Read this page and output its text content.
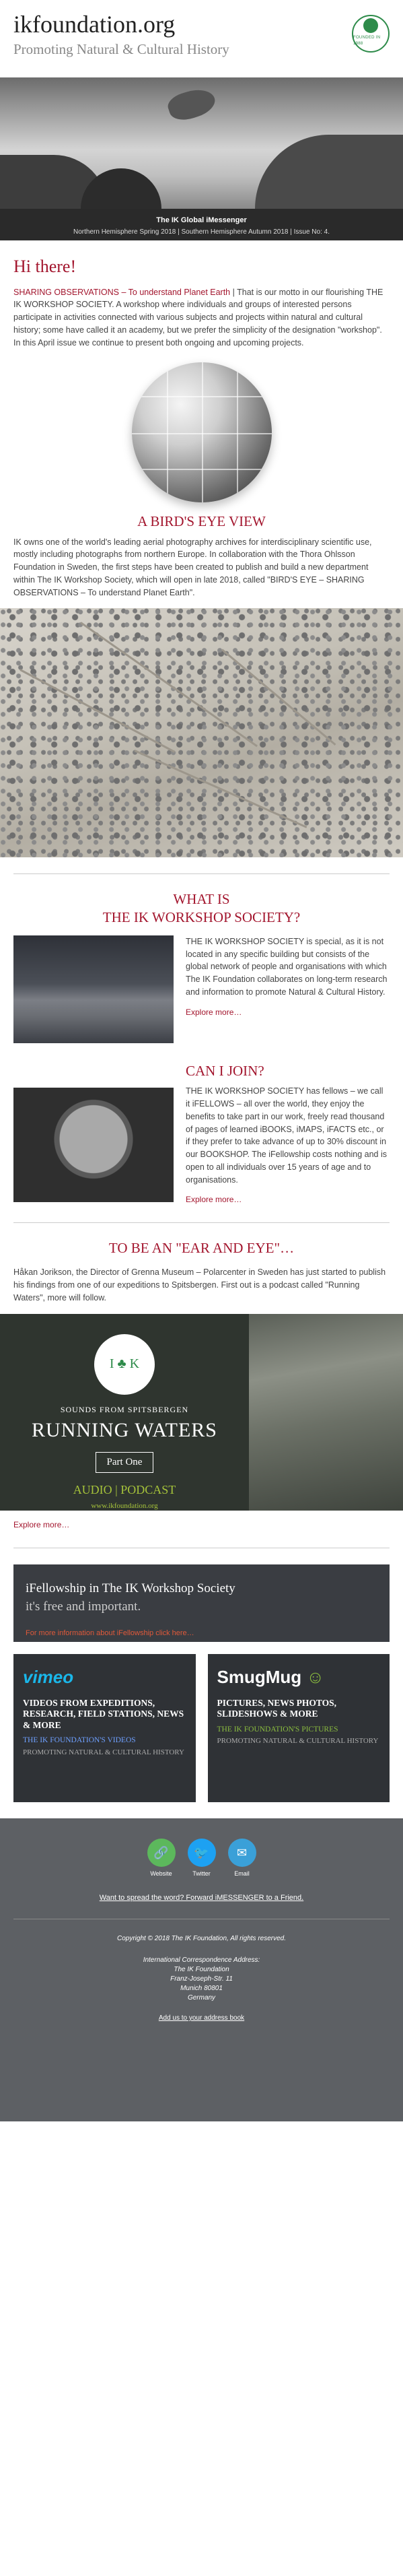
ikfoundation.org
Promoting Natural & Cultural History
FOUNDED IN 1988
The IK Global iMessenger
Northern Hemisphere Spring 2018 | Southern Hemisphere Autumn 2018 | Issue No: 4.
Hi there!

SHARING OBSERVATIONS – To understand Planet Earth | That is our motto in our flourishing THE IK WORKSHOP SOCIETY. A workshop where individuals and groups of interested persons participate in activities connected with various subjects and projects within natural and cultural history; some have called it an academy, but we prefer the simplicity of the designation "workshop". In this April issue we continue to present both ongoing and upcoming projects.

A BIRD'S EYE VIEW

IK owns one of the world's leading aerial photography archives for interdisciplinary scientific use, mostly including photographs from northern Europe. In collaboration with the Thora Ohlsson Foundation in Sweden, the first steps have been created to publish and build a new department within The IK Workshop Society, which will open in late 2018, called "BIRD'S EYE – SHARING OBSERVATIONS – To understand Planet Earth".

WHAT IS
THE IK WORKSHOP SOCIETY?

THE IK WORKSHOP SOCIETY is special, as it is not located in any specific building but consists of the global network of people and organisations with which The IK Foundation collaborates on long-term research and information to promote Natural & Cultural History.

Explore more…
CAN I JOIN?

THE IK WORKSHOP SOCIETY has fellows – we call it iFELLOWS – all over the world, they enjoy the benefits to take part in our work, freely read thousand of pages of learned iBOOKS, iMAPS, iFACTS etc., or if they prefer to take advance of up to 30% discount in our BOOKSHOP. The iFellowship costs nothing and is open to all individuals over 15 years of age and to organisations.

Explore more…
TO BE AN "EAR AND EYE"…

Håkan Jorikson, the Director of Grenna Museum – Polarcenter in Sweden has just started to publish his findings from one of our expeditions to Spitsbergen. First out is a podcast called "Running Waters", more will follow.

I ♣ K
SOUNDS FROM SPITSBERGEN
RUNNING WATERS
Part One
AUDIO | PODCAST
www.ikfoundation.org
Explore more…
iFellowship in The IK Workshop Society
it's free and important.
For more information about iFellowship click here…
vimeo
VIDEOS FROM EXPEDITIONS, RESEARCH, FIELD STATIONS, NEWS & MORE
THE IK FOUNDATION'S VIDEOS
PROMOTING NATURAL & CULTURAL HISTORY
SmugMug ☺
PICTURES, NEWS PHOTOS, SLIDESHOWS & MORE
THE IK FOUNDATION'S PICTURES
PROMOTING NATURAL & CULTURAL HISTORY
🔗
Website
🐦
Twitter
✉
Email
Want to spread the word? Forward iMESSENGER to a Friend.
Copyright © 2018 The IK Foundation, All rights reserved.
International Correspondence Address:
The IK Foundation
Franz-Joseph-Str. 11
Munich 80801
Germany
Add us to your address book
